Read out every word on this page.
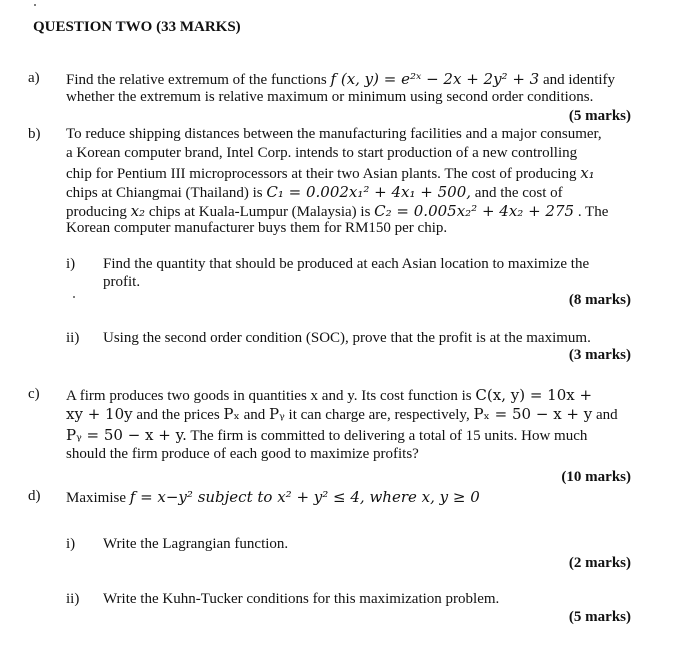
QUESTION TWO (33 MARKS)
a) Find the relative extremum of the functions f (x, y) = e²ˣ − 2x + 2y² + 3 and identify
whether the extremum is relative maximum or minimum using second order conditions.
(5 marks)
b) To reduce shipping distances between the manufacturing facilities and a major consumer,
a Korean computer brand, Intel Corp. intends to start production of a new controlling
chip for Pentium III microprocessors at their two Asian plants. The cost of producing x₁
chips at Chiangmai (Thailand) is C₁ = 0.002x₁² + 4x₁ + 500, and the cost of
producing x₂ chips at Kuala-Lumpur (Malaysia) is C₂ = 0.005x₂² + 4x₂ + 275 . The
Korean computer manufacturer buys them for RM150 per chip.
i) Find the quantity that should be produced at each Asian location to maximize the
profit.
(8 marks)
ii) Using the second order condition (SOC), prove that the profit is at the maximum.
(3 marks)
c) A firm produces two goods in quantities x and y. Its cost function is C(x, y) = 10x +
xy + 10y and the prices Pₓ and Pᵧ it can charge are, respectively, Pₓ = 50 − x + y and
Pᵧ = 50 − x + y. The firm is committed to delivering a total of 15 units. How much
should the firm produce of each good to maximize profits?
(10 marks)
d) Maximise f = x−y² subject to x² + y² ≤ 4, where x, y ≥ 0
i) Write the Lagrangian function.
(2 marks)
ii) Write the Kuhn-Tucker conditions for this maximization problem.
(5 marks)
